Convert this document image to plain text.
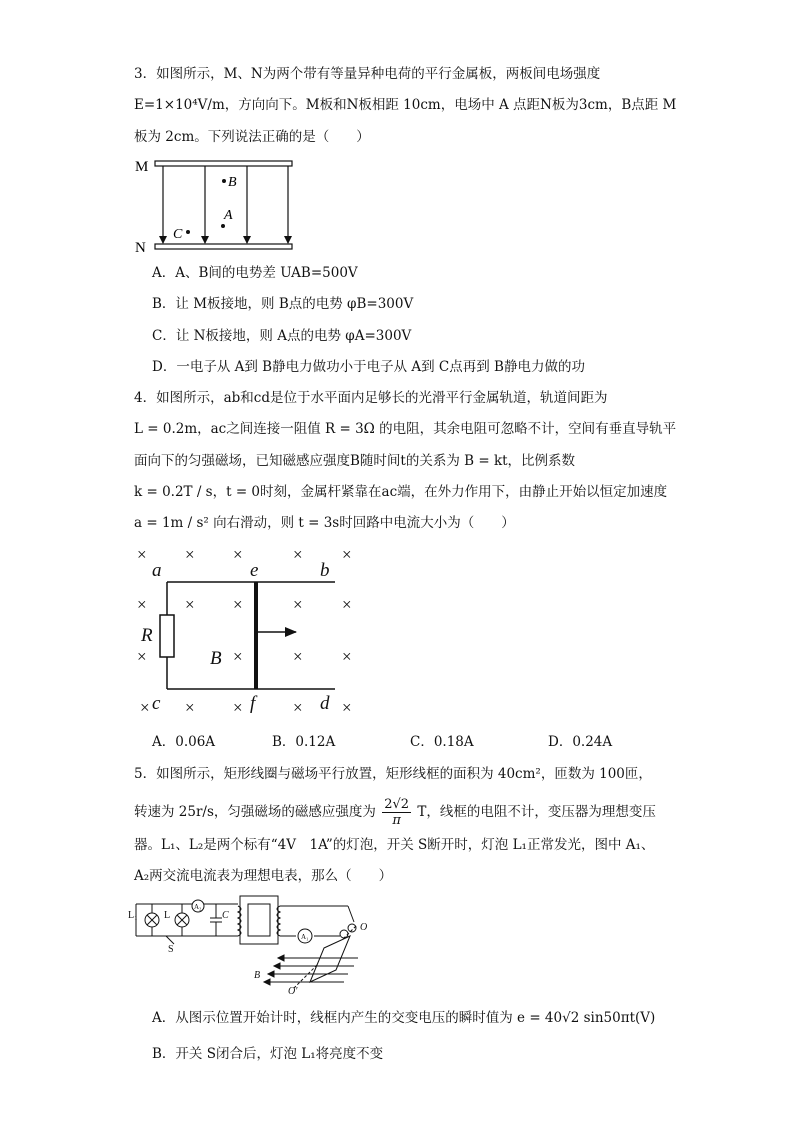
3．如图所示，M、N为两个带有等量异种电荷的平行金属板，两板间电场强度
E=1×10⁴V/m，方向向下。M板和N板相距 10cm，电场中 A 点距N板为3cm，B点距 M
板为 2cm。下列说法正确的是（　　）
M
N
B
A
C
A．A、B间的电势差 UAB=500V
B．让 M板接地，则 B点的电势 φB=300V
C．让 N板接地，则 A点的电势 φA=300V
D．一电子从 A到 B静电力做功小于电子从 A到 C点再到 B静电力做的功
4．如图所示，ab和cd是位于水平面内足够长的光滑平行金属轨道，轨道间距为
L = 0.2m，ac之间连接一阻值 R = 3Ω 的电阻，其余电阻可忽略不计，空间有垂直导轨平
面向下的匀强磁场，已知磁感应强度B随时间t的关系为 B = kt，比例系数
k = 0.2T / s，t = 0时刻，金属杆紧靠在ac端，在外力作用下，由静止开始以恒定加速度
a = 1m / s² 向右滑动，则 t = 3s时回路中电流大小为（　　）
× × ×	× ×
× × ×	× ×
×	×	× ×
× × ×	× ×
a	e	b
c	f	d
B
R
A．0.06A	B．0.12A	C．0.18A	D．0.24A
5．如图所示，矩形线圈与磁场平行放置，矩形线框的面积为 40cm²，匝数为 100匝，
转速为 25r/s，匀强磁场的磁感应强度为 $\frac{2√2}{\pi}$ T，线框的电阻不计，变压器为理想变压
器。L₁、L₂是两个标有“4V　1A”的灯泡，开关 S断开时，灯泡 L₁正常发光，图中 A₁、
A₂两交流电流表为理想电表，那么（　　）
L₁	L
A₂
C
S
A₁
O
O′
B
A．从图示位置开始计时，线框内产生的交变电压的瞬时值为 e = 40√2 sin50πt(V)
B．开关 S闭合后，灯泡 L₁将亮度不变
